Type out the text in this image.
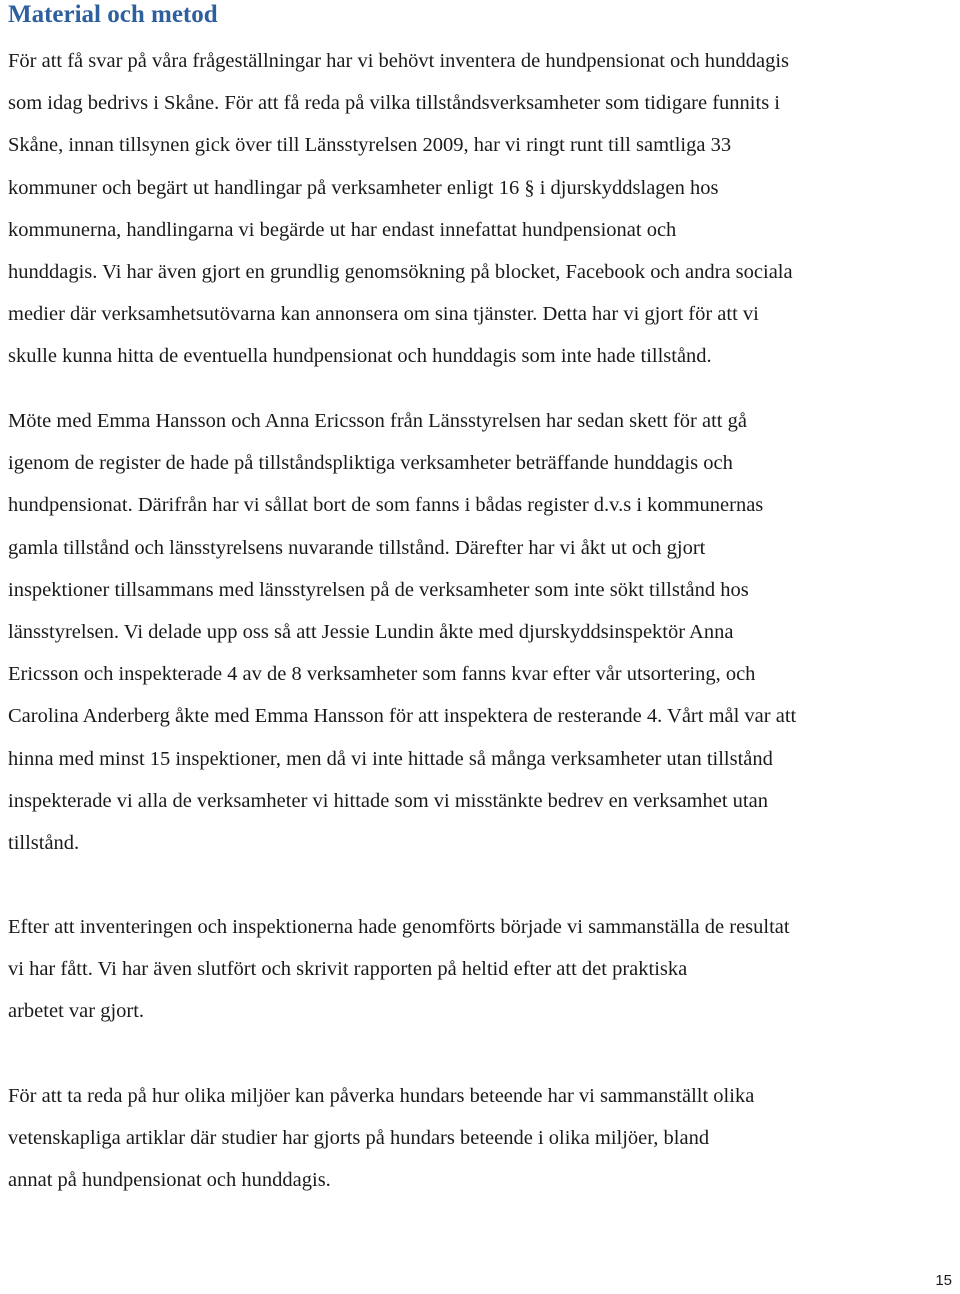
Material och metod

För att få svar på våra frågeställningar har vi behövt inventera de hundpensionat och hunddagis
som idag bedrivs i Skåne. För att få reda på vilka tillståndsverksamheter som tidigare funnits i
Skåne, innan tillsynen gick över till Länsstyrelsen 2009, har vi ringt runt till samtliga 33
kommuner och begärt ut handlingar på verksamheter enligt 16 § i djurskyddslagen hos
kommunerna, handlingarna vi begärde ut har endast innefattat hundpensionat och
hunddagis. Vi har även gjort en grundlig genomsökning på blocket, Facebook och andra sociala
medier där verksamhetsutövarna kan annonsera om sina tjänster. Detta har vi gjort för att vi
skulle kunna hitta de eventuella hundpensionat och hunddagis som inte hade tillstånd.

Möte med Emma Hansson och Anna Ericsson från Länsstyrelsen har sedan skett för att gå
igenom de register de hade på tillståndspliktiga verksamheter beträffande hunddagis och
hundpensionat. Därifrån har vi sållat bort de som fanns i bådas register d.v.s i kommunernas
gamla tillstånd och länsstyrelsens nuvarande tillstånd. Därefter har vi åkt ut och gjort
inspektioner tillsammans med länsstyrelsen på de verksamheter som inte sökt tillstånd hos
länsstyrelsen. Vi delade upp oss så att Jessie Lundin åkte med djurskyddsinspektör Anna
Ericsson och inspekterade 4 av de 8 verksamheter som fanns kvar efter vår utsortering, och
Carolina Anderberg åkte med Emma Hansson för att inspektera de resterande 4. Vårt mål var att
hinna med minst 15 inspektioner, men då vi inte hittade så många verksamheter utan tillstånd
inspekterade vi alla de verksamheter vi hittade som vi misstänkte bedrev en verksamhet utan
tillstånd.

Efter att inventeringen och inspektionerna hade genomförts började vi sammanställa de resultat
vi har fått. Vi har även slutfört och skrivit rapporten på heltid efter att det praktiska
arbetet var gjort.

För att ta reda på hur olika miljöer kan påverka hundars beteende har vi sammanställt olika
vetenskapliga artiklar där studier har gjorts på hundars beteende i olika miljöer, bland
annat på hundpensionat och hunddagis.

15
